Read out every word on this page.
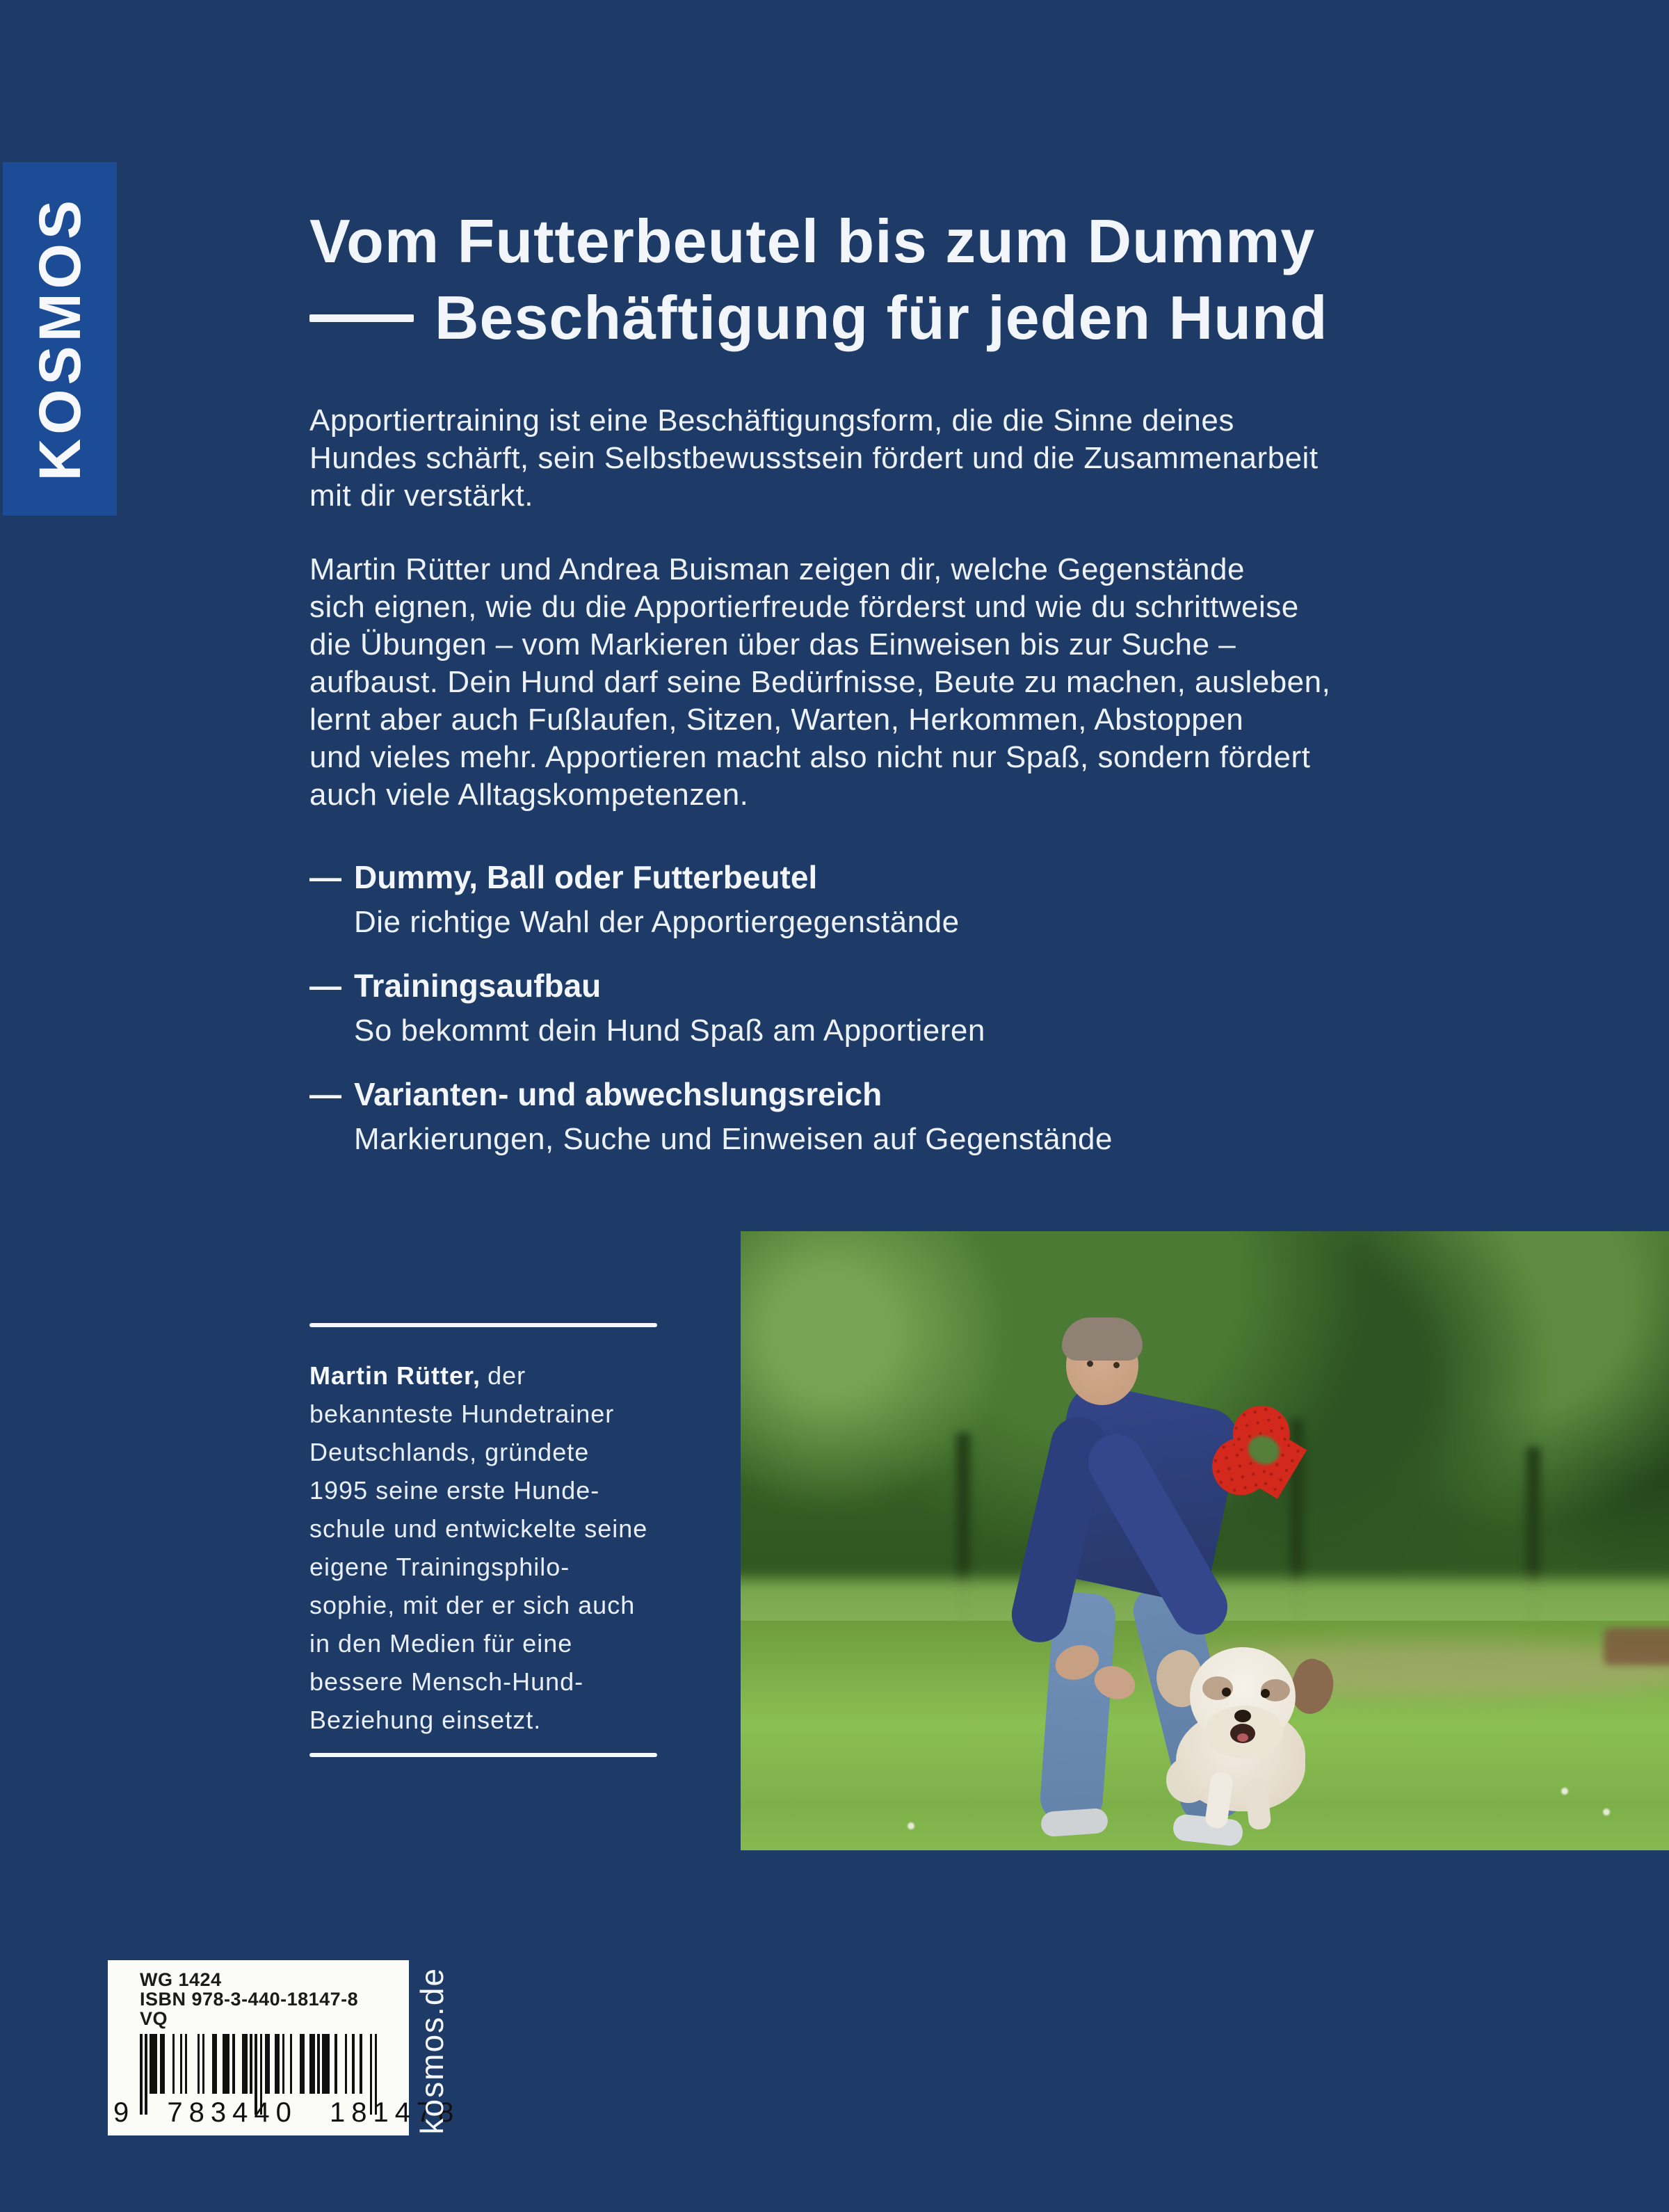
KOSMOS	Vom Futterbeutel bis zum Dummy
Beschäftigung für jeden Hund
Apportiertraining ist eine Beschäftigungsform, die die Sinne deines
Hundes schärft, sein Selbstbewusstsein fördert und die Zusammenarbeit
mit dir verstärkt.
Martin Rütter und Andrea Buisman zeigen dir, welche Gegenstände
sich eignen, wie du die Apportierfreude förderst und wie du schrittweise
die Übungen – vom Markieren über das Einweisen bis zur Suche –
aufbaust. Dein Hund darf seine Bedürfnisse, Beute zu machen, ausleben,
lernt aber auch Fußlaufen, Sitzen, Warten, Herkommen, Abstoppen
und vieles mehr. Apportieren macht also nicht nur Spaß, sondern fördert
auch viele Alltagskompetenzen.
— Dummy, Ball oder Futterbeutel
Die richtige Wahl der Apportiergegenstände
— Trainingsaufbau
So bekommt dein Hund Spaß am Apportieren
— Varianten- und abwechslungsreich
Markierungen, Suche und Einweisen auf Gegenstände
Martin Rütter, der
bekannteste Hundetrainer
Deutschlands, gründete
1995 seine erste Hunde-
schule und entwickelte seine
eigene Trainingsphilo-
sophie, mit der er sich auch
in den Medien für eine
bessere Mensch-Hund-
Beziehung einsetzt.
WG 1424
ISBN 978-3-440-18147-8
VQ
9 783440 181478
kosmos.de
